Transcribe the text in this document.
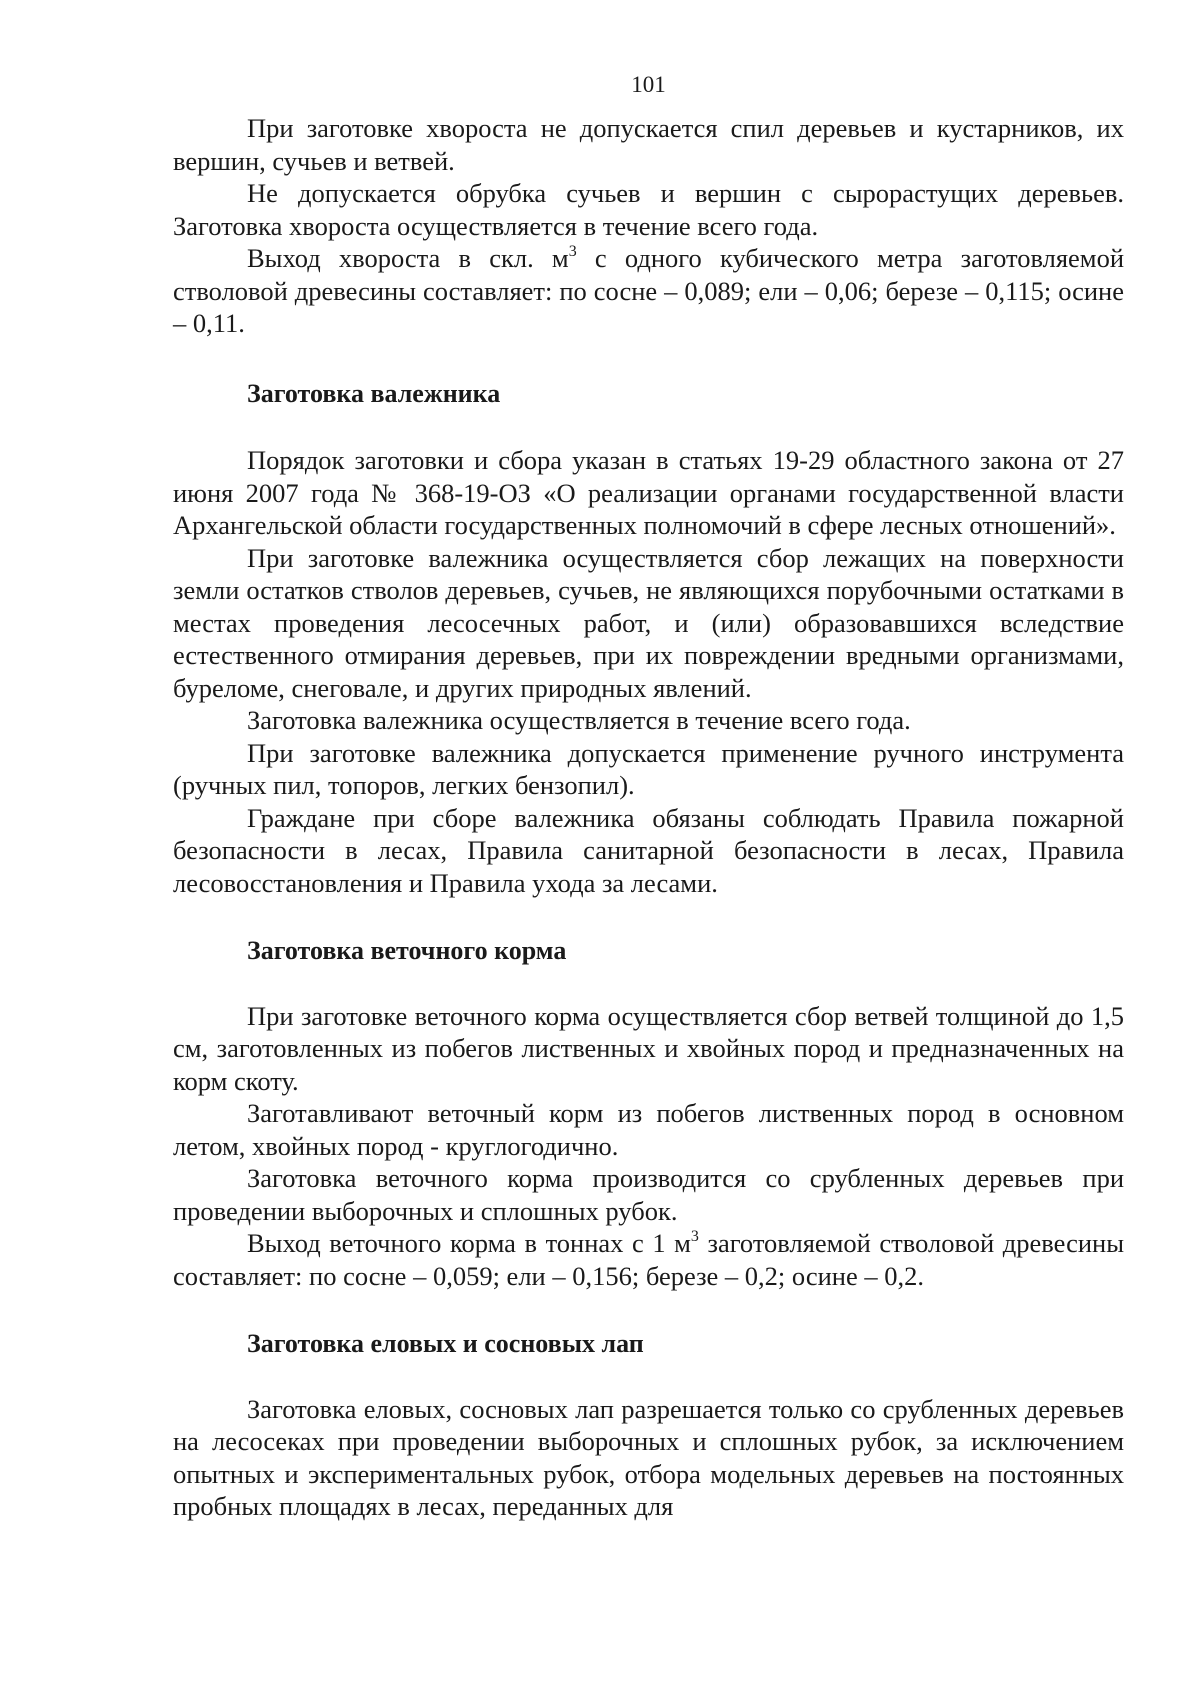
101

При заготовке хвороста не допускается спил деревьев и кустарников, их вершин, сучьев и ветвей.

Не допускается обрубка сучьев и вершин с сырорастущих деревьев. Заготовка хвороста осуществляется в течение всего года.

Выход хвороста в скл. $м^3$ с одного кубического метра заготовляемой стволовой древесины составляет: по сосне – 0,089; ели – 0,06; березе – 0,115; осине – 0,11.

Заготовка валежника

Порядок заготовки и сбора указан в статьях 19-29 областного закона от 27 июня 2007 года № 368-19-ОЗ «О реализации органами государственной власти Архангельской области государственных полномочий в сфере лесных отношений».

При заготовке валежника осуществляется сбор лежащих на поверхности земли остатков стволов деревьев, сучьев, не являющихся порубочными остатками в местах проведения лесосечных работ, и (или) образовавшихся вследствие естественного отмирания деревьев, при их повреждении вредными организмами, буреломе, снеговале, и других природных явлений.

Заготовка валежника осуществляется в течение всего года.

При заготовке валежника допускается применение ручного инструмента (ручных пил, топоров, легких бензопил).

Граждане при сборе валежника обязаны соблюдать Правила пожарной безопасности в лесах, Правила санитарной безопасности в лесах, Правила лесовосстановления и Правила ухода за лесами.

Заготовка веточного корма

При заготовке веточного корма осуществляется сбор ветвей толщиной до 1,5 см, заготовленных из побегов лиственных и хвойных пород и предназначенных на корм скоту.

Заготавливают веточный корм из побегов лиственных пород в основном летом, хвойных пород - круглогодично.

Заготовка веточного корма производится со срубленных деревьев при проведении выборочных и сплошных рубок.

Выход веточного корма в тоннах с 1 $м^3$ заготовляемой стволовой древесины составляет: по сосне – 0,059; ели – 0,156; березе – 0,2; осине – 0,2.

Заготовка еловых и сосновых лап

Заготовка еловых, сосновых лап разрешается только со срубленных деревьев на лесосеках при проведении выборочных и сплошных рубок, за исключением опытных и экспериментальных рубок, отбора модельных деревьев на постоянных пробных площадях в лесах, переданных для
